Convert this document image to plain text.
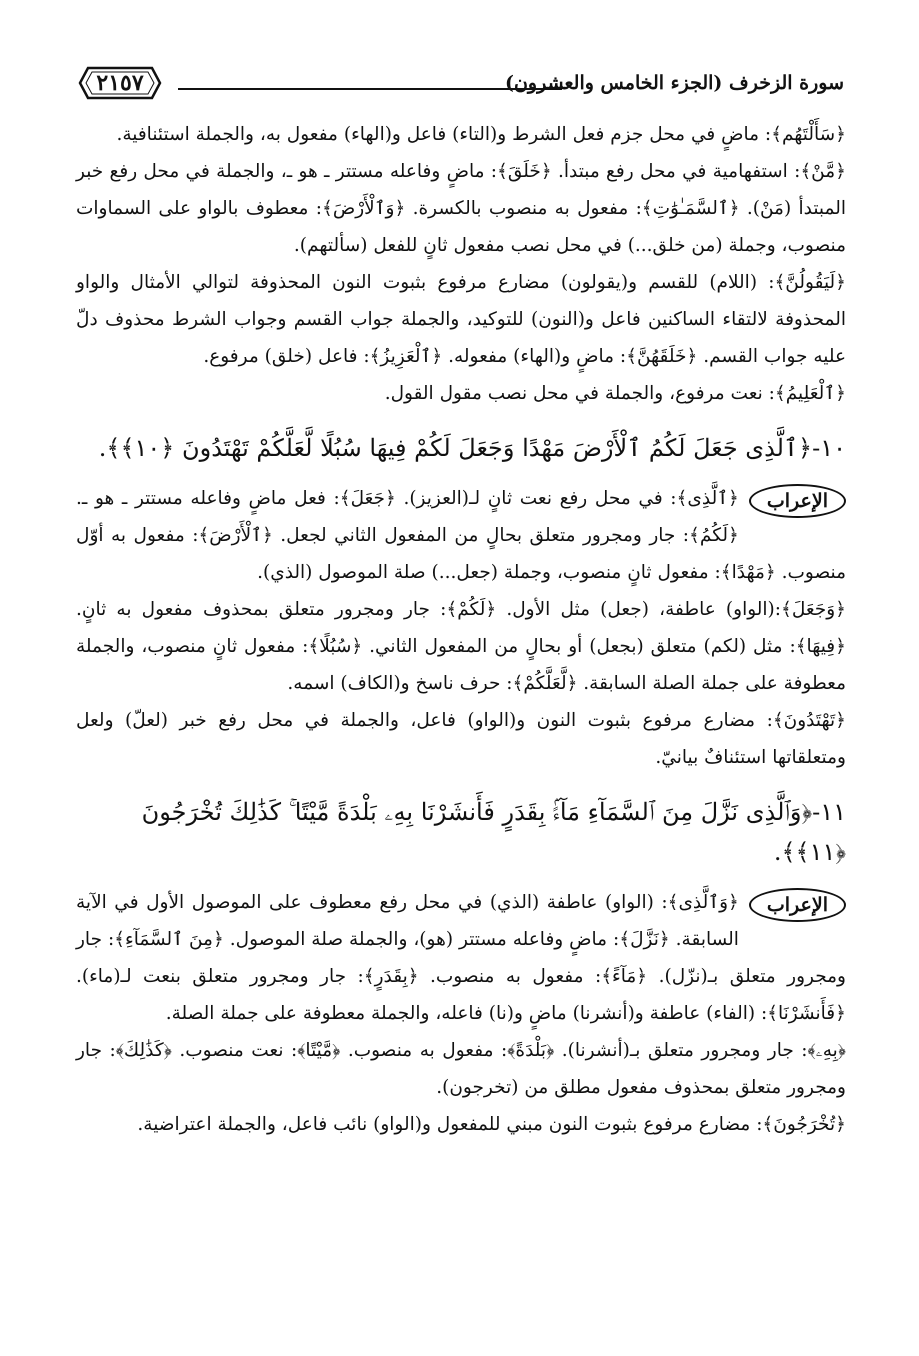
٢١٥٧	سورة الزخرف (الجزء الخامس والعشرون)

﴿سَأَلْتَهُم﴾: ماضٍ في محل جزم فعل الشرط و(التاء) فاعل و(الهاء) مفعول به، والجملة استئنافية.

﴿مَّنْ﴾: استفهامية في محل رفع مبتدأ. ﴿خَلَقَ﴾: ماضٍ وفاعله مستتر ـ هو ـ، والجملة في محل رفع خبر المبتدأ (مَنْ). ﴿ٱلسَّمَـٰوَٰتِ﴾: مفعول به منصوب بالكسرة. ﴿وَٱلْأَرْضَ﴾: معطوف بالواو على السماوات منصوب، وجملة (من خلق...) في محل نصب مفعول ثانٍ للفعل (سألتهم).

﴿لَيَقُولُنَّ﴾: (اللام) للقسم و(يقولون) مضارع مرفوع بثبوت النون المحذوفة لتوالي الأمثال والواو المحذوفة لالتقاء الساكنين فاعل و(النون) للتوكيد، والجملة جواب القسم وجواب الشرط محذوف دلّ عليه جواب القسم. ﴿خَلَقَهُنَّ﴾: ماضٍ و(الهاء) مفعوله. ﴿ٱلْعَزِيزُ﴾: فاعل (خلق) مرفوع.

﴿ٱلْعَلِيمُ﴾: نعت مرفوع، والجملة في محل نصب مقول القول.

١٠-﴿ٱلَّذِى جَعَلَ لَكُمُ ٱلْأَرْضَ مَهْدًا وَجَعَلَ لَكُمْ فِيهَا سُبُلًا لَّعَلَّكُمْ تَهْتَدُونَ ﴿١٠﴾﴾.

الإعراب

﴿ٱلَّذِى﴾: في محل رفع نعت ثانٍ لـ(العزيز). ﴿جَعَلَ﴾: فعل ماضٍ وفاعله مستتر ـ هو ـ. ﴿لَكُمُ﴾: جار ومجرور متعلق بحالٍ من المفعول الثاني لجعل. ﴿ٱلْأَرْضَ﴾: مفعول به أوّل منصوب. ﴿مَهْدًا﴾: مفعول ثانٍ منصوب، وجملة (جعل...) صلة الموصول (الذي).

﴿وَجَعَلَ﴾:(الواو) عاطفة، (جعل) مثل الأول. ﴿لَكُمْ﴾: جار ومجرور متعلق بمحذوف مفعول به ثانٍ. ﴿فِيهَا﴾: مثل (لكم) متعلق (بجعل) أو بحالٍ من المفعول الثاني. ﴿سُبُلًا﴾: مفعول ثانٍ منصوب، والجملة معطوفة على جملة الصلة السابقة. ﴿لَّعَلَّكُمْ﴾: حرف ناسخ و(الكاف) اسمه.

﴿تَهْتَدُونَ﴾: مضارع مرفوع بثبوت النون و(الواو) فاعل، والجملة في محل رفع خبر (لعلّ) ولعل ومتعلقاتها استئنافٌ بيانيّ.

١١-﴿وَٱلَّذِى نَزَّلَ مِنَ ٱلسَّمَآءِ مَآءًۢ بِقَدَرٍ فَأَنشَرْنَا بِهِۦ بَلْدَةً مَّيْتًا ۚ كَذَٰلِكَ تُخْرَجُونَ ﴿١١﴾﴾.

الإعراب

﴿وَٱلَّذِى﴾: (الواو) عاطفة (الذي) في محل رفع معطوف على الموصول الأول في الآية السابقة. ﴿نَزَّلَ﴾: ماضٍ وفاعله مستتر (هو)، والجملة صلة الموصول. ﴿مِنَ ٱلسَّمَآءِ﴾: جار ومجرور متعلق بـ(نزّل). ﴿مَآءً﴾: مفعول به منصوب. ﴿بِقَدَرٍ﴾: جار ومجرور متعلق بنعت لـ(ماء). ﴿فَأَنشَرْنَا﴾: (الفاء) عاطفة و(أنشرنا) ماضٍ و(نا) فاعله، والجملة معطوفة على جملة الصلة.

﴿بِهِۦ﴾: جار ومجرور متعلق بـ(أنشرنا). ﴿بَلْدَةً﴾: مفعول به منصوب. ﴿مَّيْتًا﴾: نعت منصوب. ﴿كَذَٰلِكَ﴾: جار ومجرور متعلق بمحذوف مفعول مطلق من (تخرجون).

﴿تُخْرَجُونَ﴾: مضارع مرفوع بثبوت النون مبني للمفعول و(الواو) نائب فاعل، والجملة اعتراضية.
